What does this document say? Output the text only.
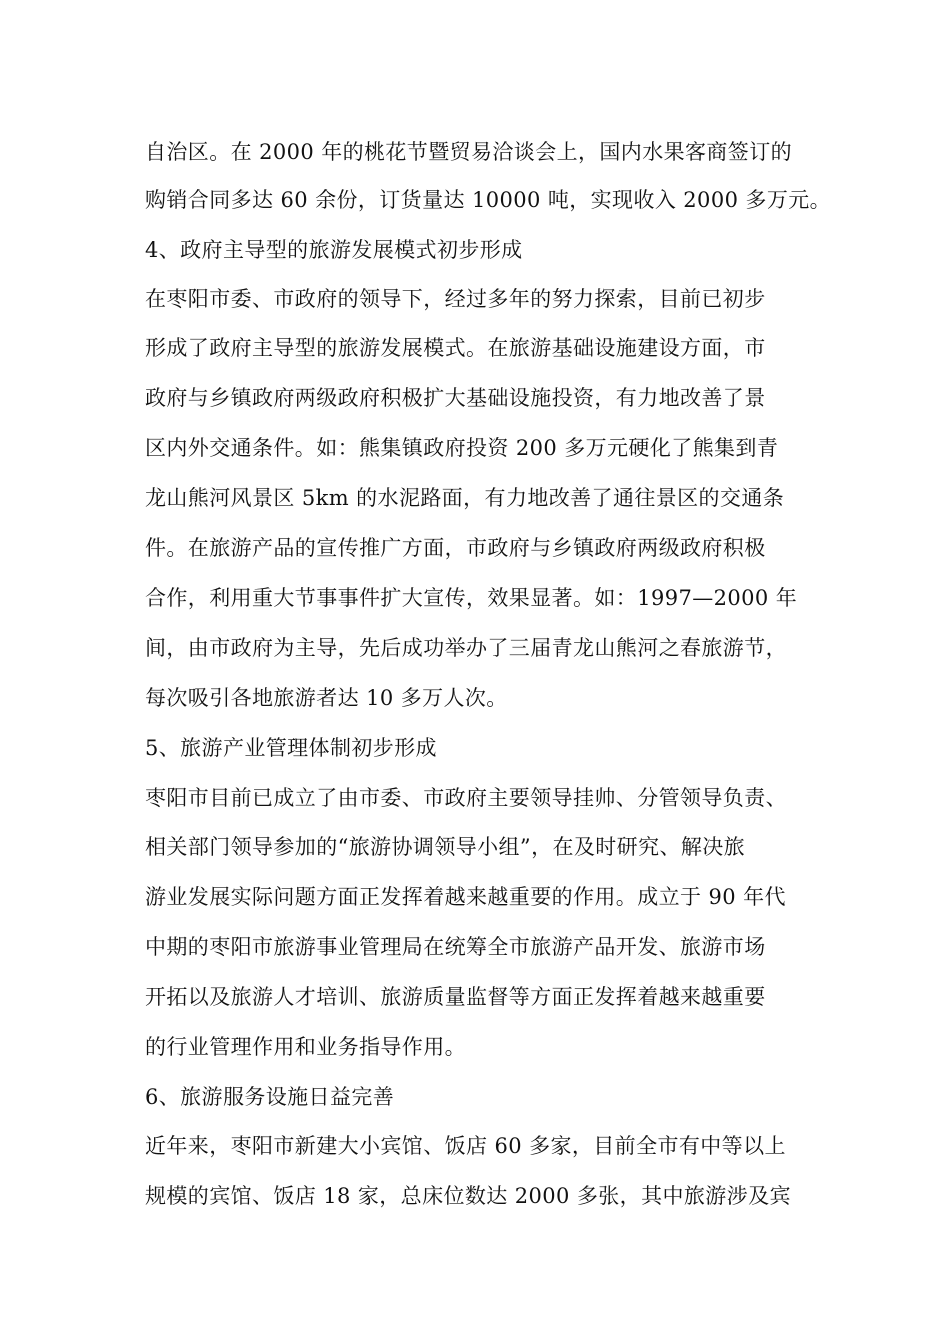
自治区。在 2000 年的桃花节暨贸易洽谈会上，国内水果客商签订的
购销合同多达 60 余份，订货量达 10000 吨，实现收入 2000 多万元。
4、政府主导型的旅游发展模式初步形成
在枣阳市委、市政府的领导下，经过多年的努力探索，目前已初步
形成了政府主导型的旅游发展模式。在旅游基础设施建设方面，市
政府与乡镇政府两级政府积极扩大基础设施投资，有力地改善了景
区内外交通条件。如：熊集镇政府投资 200 多万元硬化了熊集到青
龙山熊河风景区 5km 的水泥路面，有力地改善了通往景区的交通条
件。在旅游产品的宣传推广方面，市政府与乡镇政府两级政府积极
合作，利用重大节事事件扩大宣传，效果显著。如：1997—2000 年
间，由市政府为主导，先后成功举办了三届青龙山熊河之春旅游节，
每次吸引各地旅游者达 10 多万人次。
5、旅游产业管理体制初步形成
枣阳市目前已成立了由市委、市政府主要领导挂帅、分管领导负责、
相关部门领导参加的“旅游协调领导小组”，在及时研究、解决旅
游业发展实际问题方面正发挥着越来越重要的作用。成立于 90 年代
中期的枣阳市旅游事业管理局在统筹全市旅游产品开发、旅游市场
开拓以及旅游人才培训、旅游质量监督等方面正发挥着越来越重要
的行业管理作用和业务指导作用。
6、旅游服务设施日益完善
近年来，枣阳市新建大小宾馆、饭店 60 多家，目前全市有中等以上
规模的宾馆、饭店 18 家，总床位数达 2000 多张，其中旅游涉及宾
